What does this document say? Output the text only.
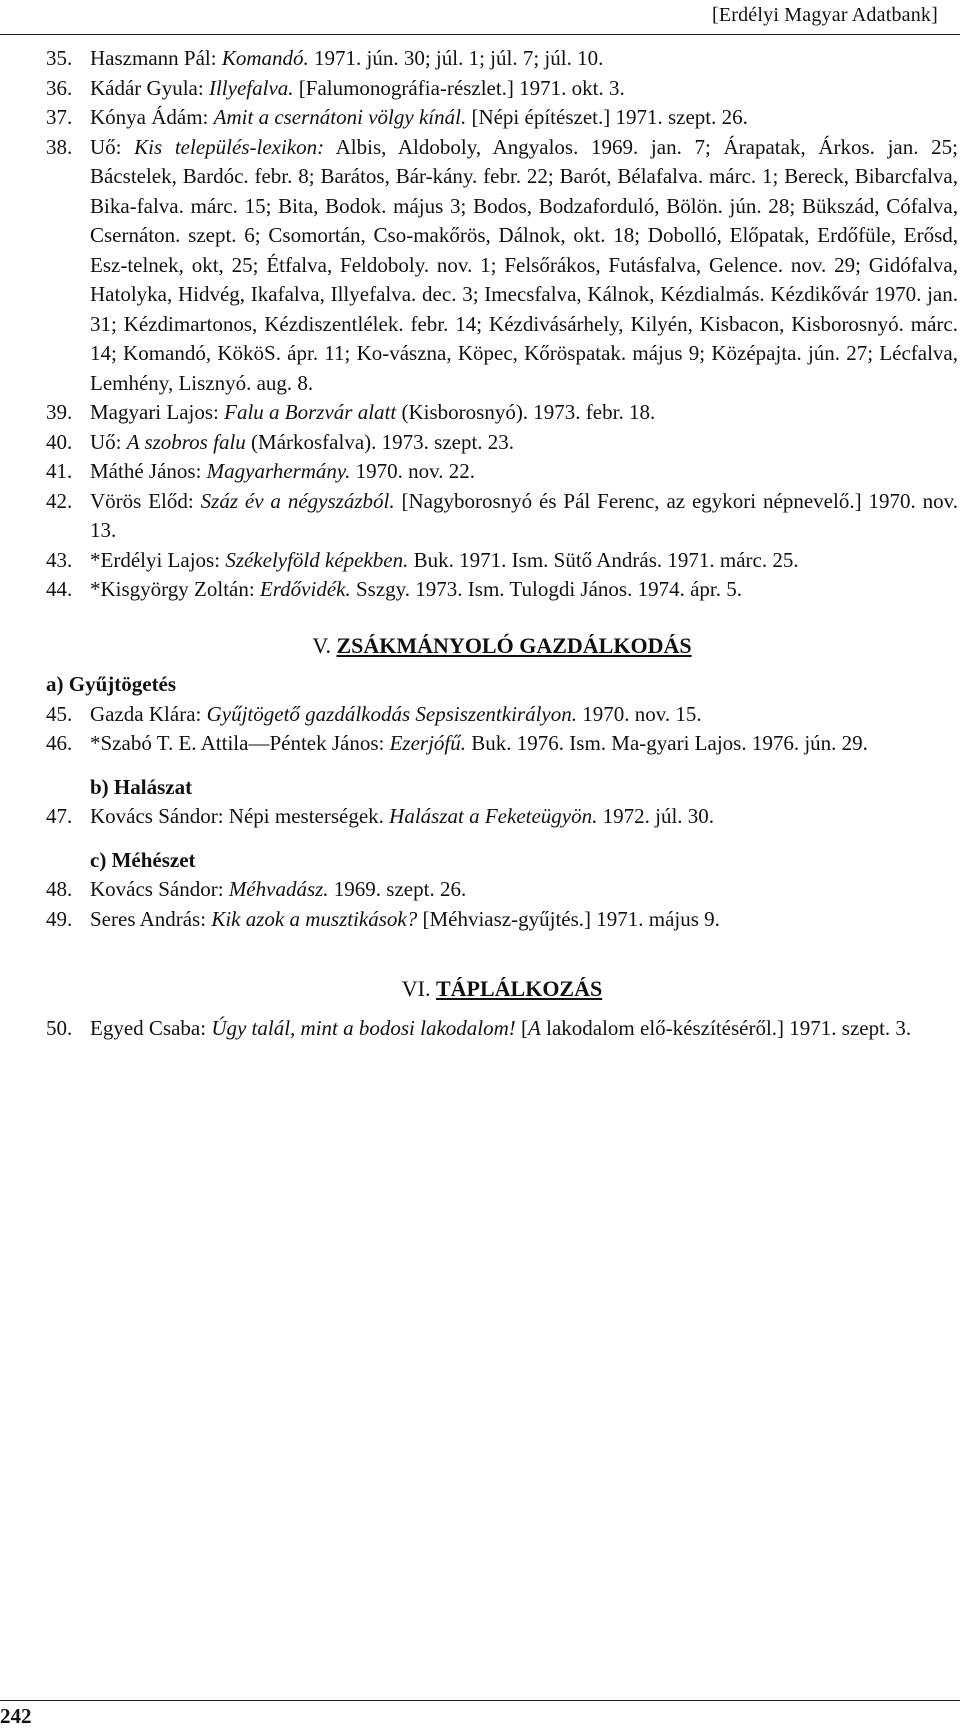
[Erdélyi Magyar Adatbank]
35. Haszmann Pál: Komandó. 1971. jún. 30; júl. 1; júl. 7; júl. 10.
36. Kádár Gyula: Illyefalva. [Falumonográfia-részlet.] 1971. okt. 3.
37. Kónya Ádám: Amit a csernátoni völgy kínál. [Népi építészet.] 1971. szept. 26.
38. Uő: Kis település-lexikon: Albis, Aldoboly, Angyalos. 1969. jan. 7; Árapatak, Árkos. jan. 25; Bácstelek, Bardóc. febr. 8; Barátos, Bár-kány. febr. 22; Barót, Bélafalva. márc. 1; Bereck, Bibarcfalva, Bika-falva. márc. 15; Bita, Bodok. május 3; Bodos, Bodzaforduló, Bölön. jún. 28; Bükszád, Cófalva, Csernáton. szept. 6; Csomortán, Cso-makőrös, Dálnok, okt. 18; Dobolló, Előpatak, Erdőfüle, Erősd, Esz-telnek, okt, 25; Étfalva, Feldoboly. nov. 1; Felsőrákos, Futásfalva, Gelence. nov. 29; Gidófalva, Hatolyka, Hidvég, Ikafalva, Illyefalva. dec. 3; Imecsfalva, Kálnok, Kézdialmás. Kézdikővár 1970. jan. 31; Kézdimartonos, Kézdiszentlélek. febr. 14; Kézdivásárhely, Kilyén, Kisbacon, Kisborosnyó. márc. 14; Komandó, KököS. ápr. 11; Ko-vászna, Köpec, Kőröspatak. május 9; Középajta. jún. 27; Lécfalva, Lemhény, Lisznyó. aug. 8.
39. Magyari Lajos: Falu a Borzvár alatt (Kisborosnyó). 1973. febr. 18.
40. Uő: A szobros falu (Márkosfalva). 1973. szept. 23.
41. Máthé János: Magyarhermány. 1970. nov. 22.
42. Vörös Előd: Száz év a négyszázból. [Nagyborosnyó és Pál Ferenc, az egykori népnevelő.] 1970. nov. 13.
43. *Erdélyi Lajos: Székelyföld képekben. Buk. 1971. Ism. Sütő András. 1971. márc. 25.
44. *Kisgyörgy Zoltán: Erdővidék. Sszgy. 1973. Ism. Tulogdi János. 1974. ápr. 5.
V. ZSÁKMÁNYOLÓ GAZDÁLKODÁS
a) Gyűjtögetés
45. Gazda Klára: Gyűjtögető gazdálkodás Sepsiszentkirályon. 1970. nov. 15.
46. *Szabó T. E. Attila—Péntek János: Ezerjófű. Buk. 1976. Ism. Ma-gyari Lajos. 1976. jún. 29.
b) Halászat
47. Kovács Sándor: Népi mesterségek. Halászat a Feketeügyön. 1972. júl. 30.
c) Méhészet
48. Kovács Sándor: Méhvadász. 1969. szept. 26.
49. Seres András: Kik azok a musztikások? [Méhviasz-gyűjtés.] 1971. május 9.
VI. TÁPLÁLKOZÁS
50. Egyed Csaba: Úgy talál, mint a bodosi lakodalom! [A lakodalom elő-készítéséről.] 1971. szept. 3.
242
